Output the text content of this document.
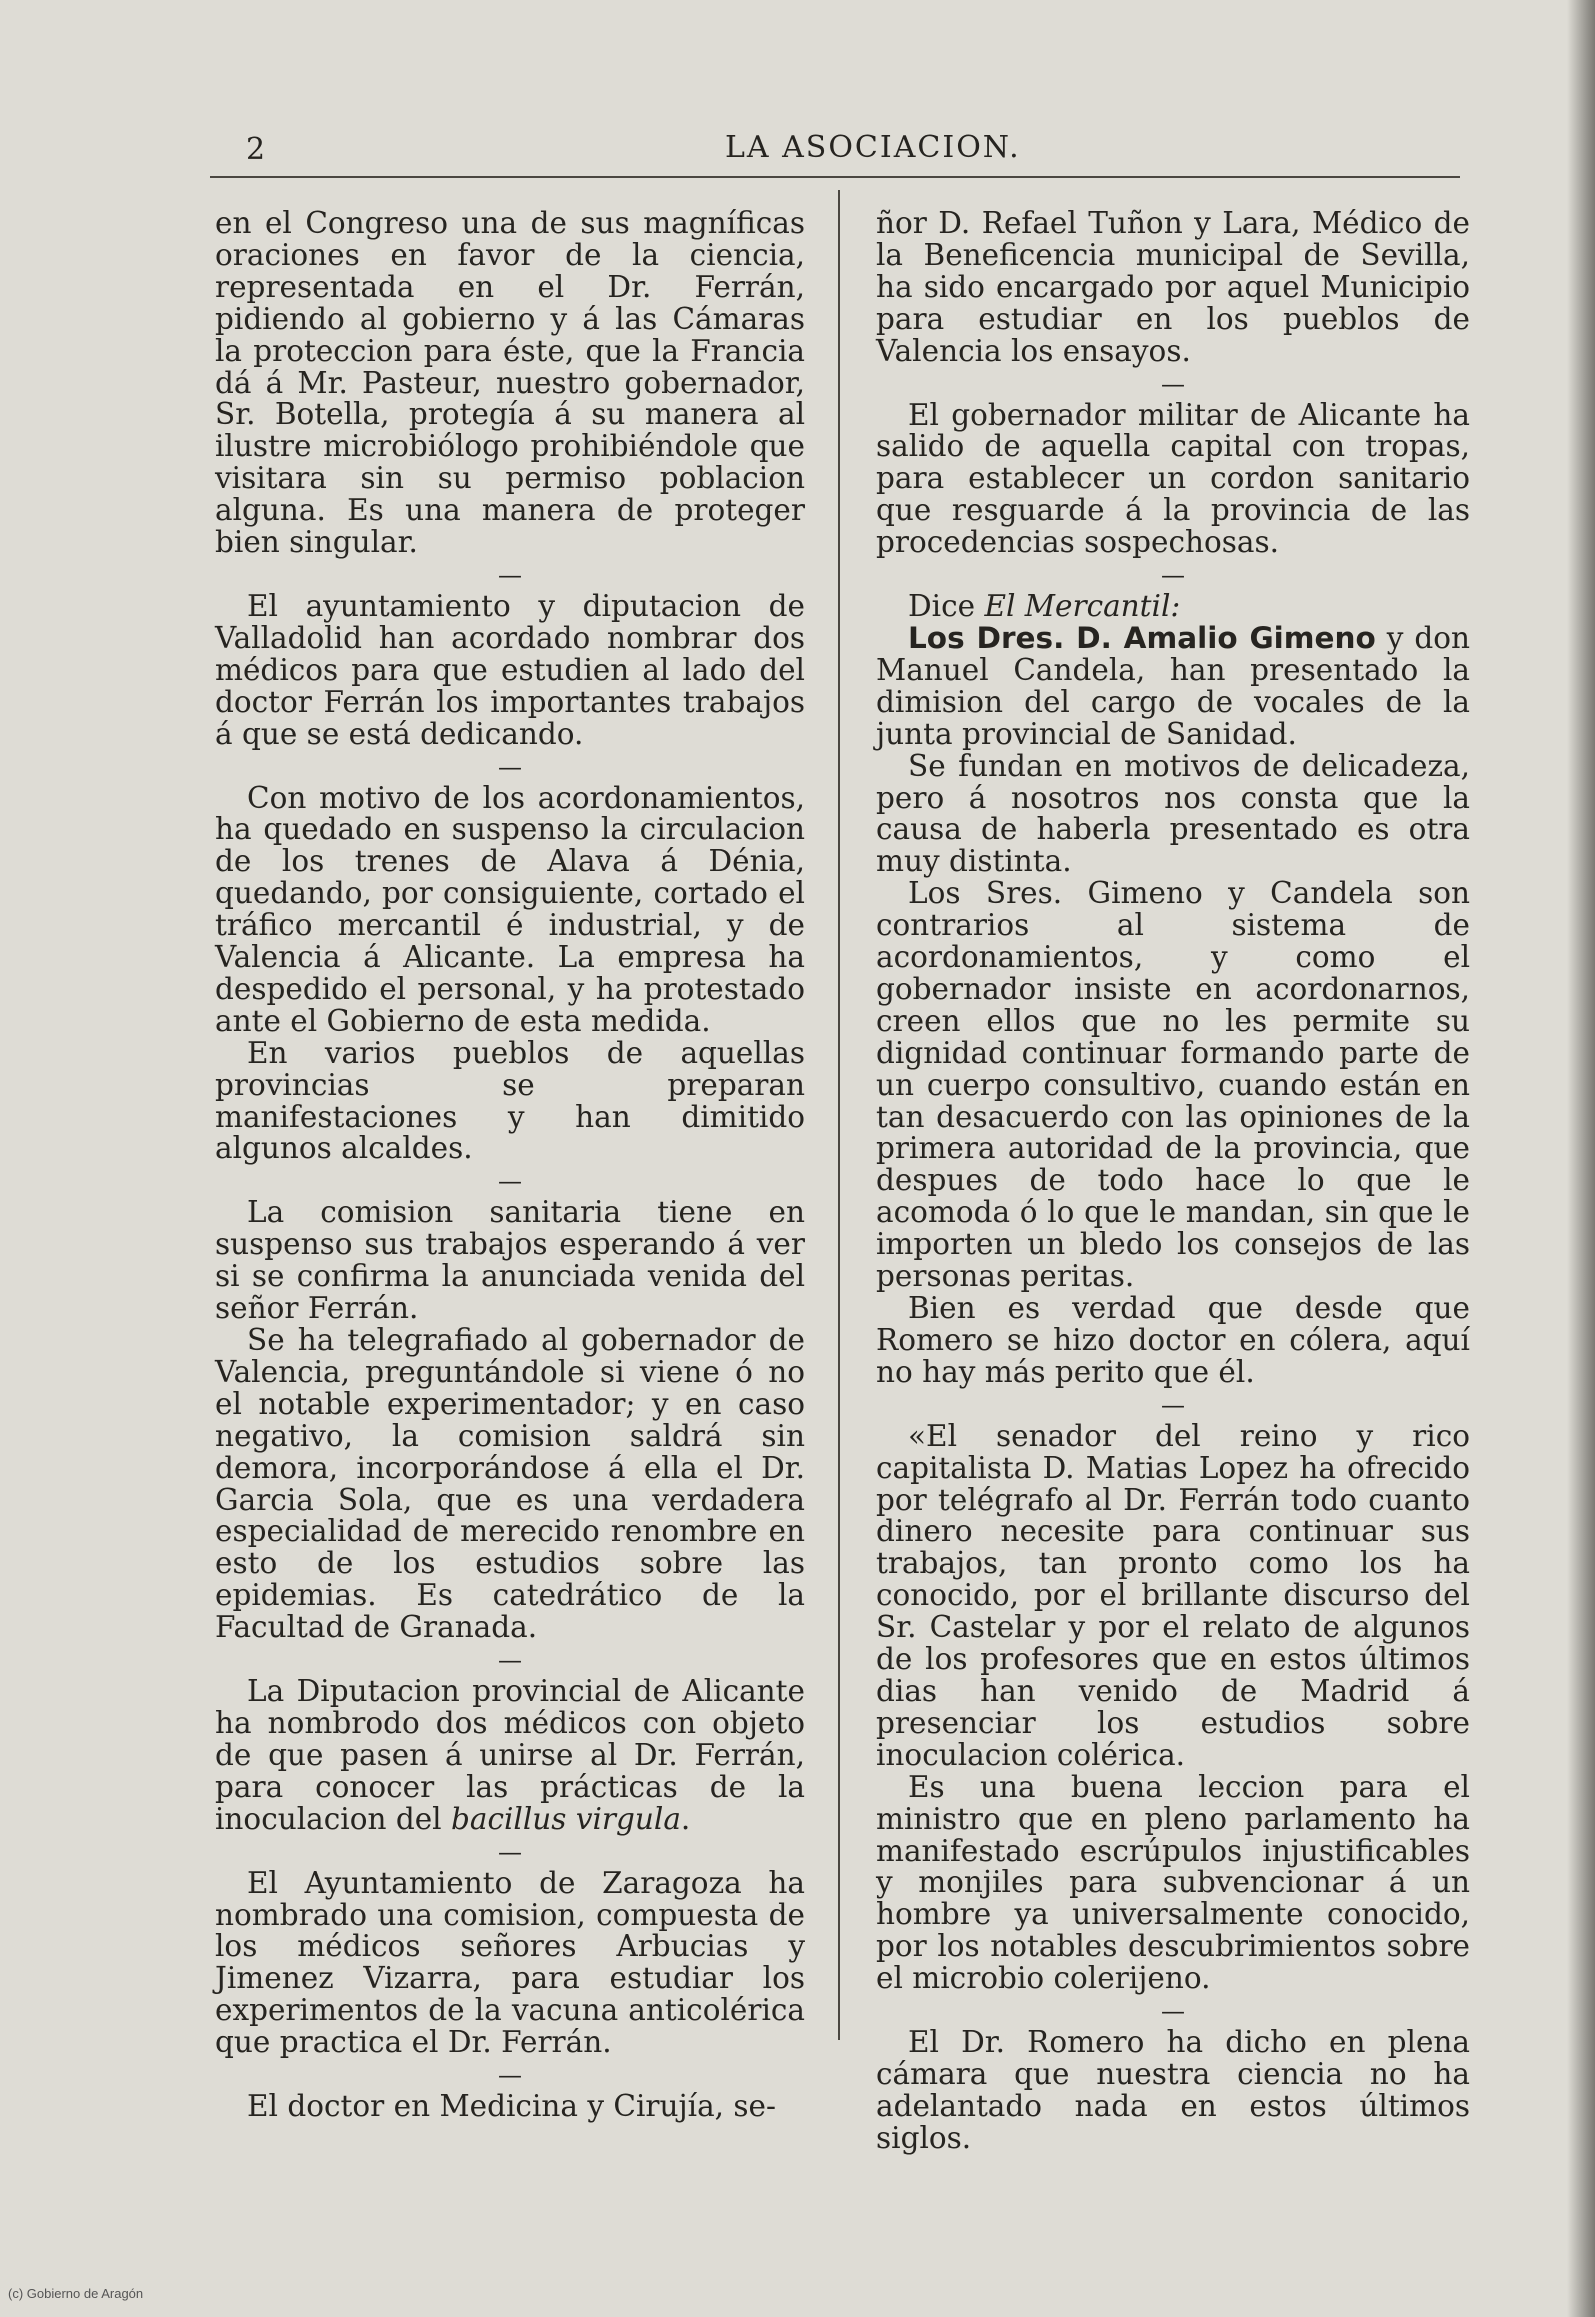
2	LA ASOCIACION.

en el Congreso una de sus magníficas oraciones en favor de la ciencia, representada en el Dr. Ferrán, pidiendo al gobierno y á las Cámaras la proteccion para éste, que la Francia dá á Mr. Pasteur, nuestro gobernador, Sr. Botella, protegía á su manera al ilustre microbiólogo prohibiéndole que visitara sin su permiso poblacion alguna. Es una manera de proteger bien singular.

—

El ayuntamiento y diputacion de Valladolid han acordado nombrar dos médicos para que estudien al lado del doctor Ferrán los importantes trabajos á que se está dedicando.

—

Con motivo de los acordonamientos, ha quedado en suspenso la circulacion de los trenes de Alava á Dénia, quedando, por consiguiente, cortado el tráfico mercantil é industrial, y de Valencia á Alicante. La empresa ha despedido el personal, y ha protestado ante el Gobierno de esta medida.

En varios pueblos de aquellas provincias se preparan manifestaciones y han dimitido algunos alcaldes.

—

La comision sanitaria tiene en suspenso sus trabajos esperando á ver si se confirma la anunciada venida del señor Ferrán.

Se ha telegrafiado al gobernador de Valencia, preguntándole si viene ó no el notable experimentador; y en caso negativo, la comision saldrá sin demora, incorporándose á ella el Dr. Garcia Sola, que es una verdadera especialidad de merecido renombre en esto de los estudios sobre las epidemias. Es catedrático de la Facultad de Granada.

—

La Diputacion provincial de Alicante ha nombrodo dos médicos con objeto de que pasen á unirse al Dr. Ferrán, para conocer las prácticas de la inoculacion del bacillus virgula.

—

El Ayuntamiento de Zaragoza ha nombrado una comision, compuesta de los médicos señores Arbucias y Jimenez Vizarra, para estudiar los experimentos de la vacuna anticolérica que practica el Dr. Ferrán.

—

El doctor en Medicina y Cirujía, se-

ñor D. Refael Tuñon y Lara, Médico de la Beneficencia municipal de Sevilla, ha sido encargado por aquel Municipio para estudiar en los pueblos de Valencia los ensayos.

—

El gobernador militar de Alicante ha salido de aquella capital con tropas, para establecer un cordon sanitario que resguarde á la provincia de las procedencias sospechosas.

—

Dice El Mercantil:

Los Dres. D. Amalio Gimeno y don Manuel Candela, han presentado la dimision del cargo de vocales de la junta provincial de Sanidad.

Se fundan en motivos de delicadeza, pero á nosotros nos consta que la causa de haberla presentado es otra muy distinta.

Los Sres. Gimeno y Candela son contrarios al sistema de acordonamientos, y como el gobernador insiste en acordonarnos, creen ellos que no les permite su dignidad continuar formando parte de un cuerpo consultivo, cuando están en tan desacuerdo con las opiniones de la primera autoridad de la provincia, que despues de todo hace lo que le acomoda ó lo que le mandan, sin que le importen un bledo los consejos de las personas peritas.

Bien es verdad que desde que Romero se hizo doctor en cólera, aquí no hay más perito que él.

—

«El senador del reino y rico capitalista D. Matias Lopez ha ofrecido por telégrafo al Dr. Ferrán todo cuanto dinero necesite para continuar sus trabajos, tan pronto como los ha conocido, por el brillante discurso del Sr. Castelar y por el relato de algunos de los profesores que en estos últimos dias han venido de Madrid á presenciar los estudios sobre inoculacion colérica.

Es una buena leccion para el ministro que en pleno parlamento ha manifestado escrúpulos injustificables y monjiles para subvencionar á un hombre ya universalmente conocido, por los notables descubrimientos sobre el microbio colerijeno.

—

El Dr. Romero ha dicho en plena cámara que nuestra ciencia no ha adelantado nada en estos últimos siglos.

(c) Gobierno de Aragón
